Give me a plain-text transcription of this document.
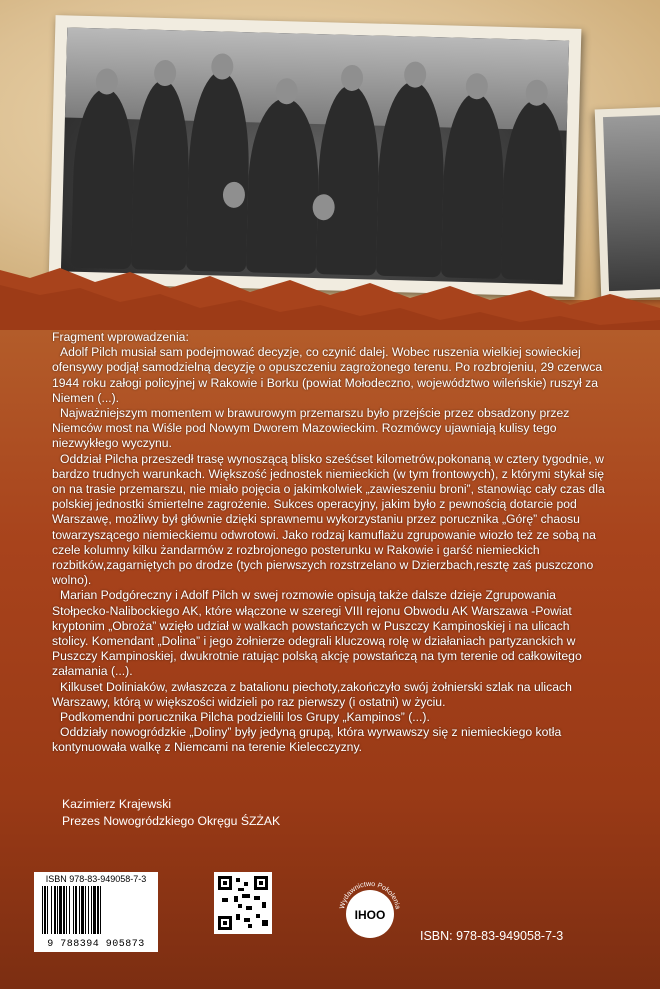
Fragment wprowadzenia:

Adolf Pilch musiał sam podejmować decyzje, co czynić dalej. Wobec ruszenia wielkiej sowieckiej ofensywy podjął samodzielną decyzję o opuszczeniu zagrożonego terenu. Po rozbrojeniu, 29 czerwca 1944 roku załogi policyjnej w Rakowie i Borku (powiat Mołodeczno, województwo wileńskie) ruszył za Niemen (...).

Najważniejszym momentem w brawurowym przemarszu było przejście przez obsadzony przez Niemców most na Wiśle pod Nowym Dworem Mazowieckim. Rozmówcy ujawniają kulisy tego niezwykłego wyczynu.

Oddział Pilcha przeszedł trasę wynoszącą blisko sześćset kilometrów,pokonaną w cztery tygodnie, w bardzo trudnych warunkach. Większość jednostek niemieckich (w tym frontowych), z którymi stykał się on na trasie przemarszu, nie miało pojęcia o jakimkolwiek „zawieszeniu broni”, stanowiąc cały czas dla polskiej jednostki śmiertelne zagrożenie. Sukces operacyjny, jakim było z pewnością dotarcie pod Warszawę, możliwy był głównie dzięki sprawnemu wykorzystaniu przez porucznika „Górę” chaosu towarzyszącego niemieckiemu odwrotowi. Jako rodzaj kamuflażu zgrupowanie wiozło też ze sobą na czele kolumny kilku żandarmów z rozbrojonego posterunku w Rakowie i garść niemieckich rozbitków,zagarniętych po drodze (tych pierwszych rozstrzelano w Dzierzbach,resztę zaś puszczono wolno).

Marian Podgóreczny i Adolf Pilch w swej rozmowie opisują także dalsze dzieje Zgrupowania Stołpecko-Nalibockiego AK, które włączone w szeregi VIII rejonu Obwodu AK Warszawa -Powiat kryptonim „Obroża” wzięło udział w walkach powstańczych w Puszczy Kampinoskiej i na ulicach stolicy. Komendant „Dolina” i jego żołnierze odegrali kluczową rolę w działaniach partyzanckich w Puszczy Kampinoskiej, dwukrotnie ratując polską akcję powstańczą na tym terenie od całkowitego załamania (...).

Kilkuset Doliniaków, zwłaszcza z batalionu piechoty,zakończyło swój żołnierski szlak na ulicach Warszawy, którą w większości widzieli po raz pierwszy (i ostatni) w życiu.

Podkomendni porucznika Pilcha podzielili los Grupy „Kampinos” (...).

Oddziały nowogródzkie „Doliny” były jedyną grupą, która wyrwawszy się z niemieckiego kotła kontynuowała walkę z Niemcami na terenie Kielecczyzny.

Kazimierz Krajewski
Prezes Nowogródzkiego Okręgu ŚZŻAK
ISBN 978-83-949058-7-3
9 788394 905873
Wydawnictwo Pokolenia
IHOO
ISBN: 978-83-949058-7-3
